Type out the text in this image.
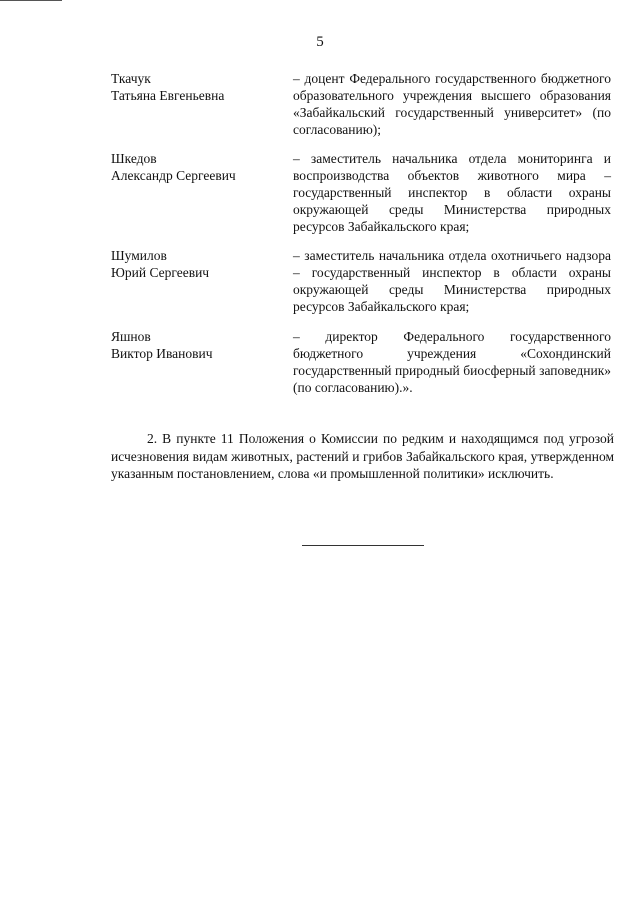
5
Ткачук
Татьяна Евгеньевна
– доцент Федерального государственного бюджетного образовательного учреждения высшего образования «Забайкальский государственный университет» (по согласованию);
Шкедов
Александр Сергеевич
– заместитель начальника отдела мониторинга и воспроизводства объектов животного мира – государственный инспектор в области охраны окружающей среды Министерства природных ресурсов Забайкальского края;
Шумилов
Юрий Сергеевич
– заместитель начальника отдела охотничьего надзора – государственный инспектор в области охраны окружающей среды Министерства природных ресурсов Забайкальского края;
Яшнов
Виктор Иванович
– директор Федерального государственного бюджетного учреждения «Сохондинский государственный природный биосферный заповедник» (по согласованию).».
2. В пункте 11 Положения о Комиссии по редким и находящимся под угрозой исчезновения видам животных, растений и грибов Забайкальского края, утвержденном указанным постановлением, слова «и промышленной политики» исключить.
